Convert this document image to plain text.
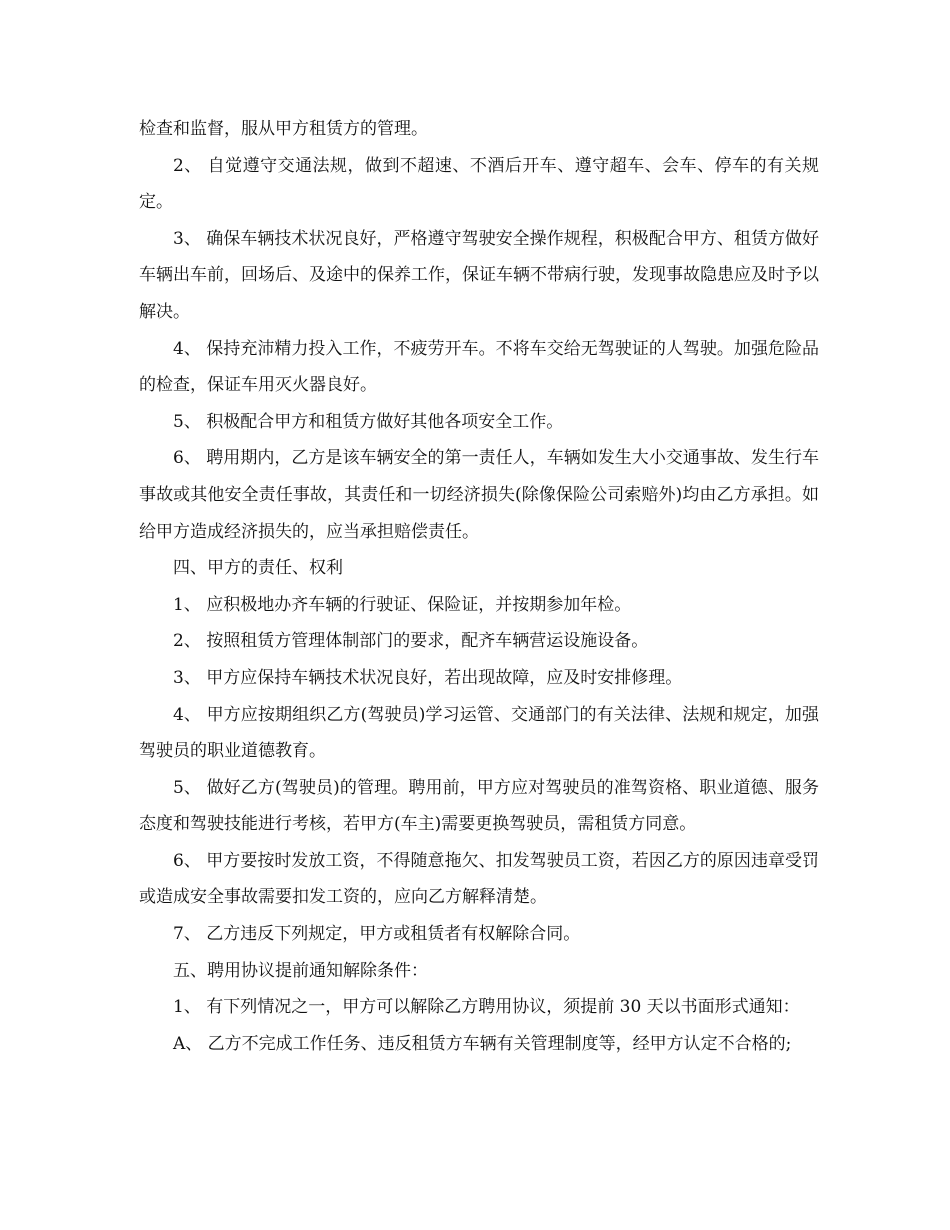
检查和监督，服从甲方租赁方的管理。

2、 自觉遵守交通法规，做到不超速、不酒后开车、遵守超车、会车、停车的有关规定。

3、 确保车辆技术状况良好，严格遵守驾驶安全操作规程，积极配合甲方、租赁方做好车辆出车前，回场后、及途中的保养工作，保证车辆不带病行驶，发现事故隐患应及时予以解决。

4、 保持充沛精力投入工作，不疲劳开车。不将车交给无驾驶证的人驾驶。加强危险品的检查，保证车用灭火器良好。

5、 积极配合甲方和租赁方做好其他各项安全工作。

6、 聘用期内，乙方是该车辆安全的第一责任人，车辆如发生大小交通事故、发生行车事故或其他安全责任事故，其责任和一切经济损失(除像保险公司索赔外)均由乙方承担。如给甲方造成经济损失的，应当承担赔偿责任。

四、甲方的责任、权利

1、 应积极地办齐车辆的行驶证、保险证，并按期参加年检。

2、 按照租赁方管理体制部门的要求，配齐车辆营运设施设备。

3、 甲方应保持车辆技术状况良好，若出现故障，应及时安排修理。

4、 甲方应按期组织乙方(驾驶员)学习运管、交通部门的有关法律、法规和规定，加强驾驶员的职业道德教育。

5、 做好乙方(驾驶员)的管理。聘用前，甲方应对驾驶员的准驾资格、职业道德、服务态度和驾驶技能进行考核，若甲方(车主)需要更换驾驶员，需租赁方同意。

6、 甲方要按时发放工资，不得随意拖欠、扣发驾驶员工资，若因乙方的原因违章受罚或造成安全事故需要扣发工资的，应向乙方解释清楚。

7、 乙方违反下列规定，甲方或租赁者有权解除合同。

五、聘用协议提前通知解除条件：

1、 有下列情况之一，甲方可以解除乙方聘用协议，须提前 30 天以书面形式通知：

A、 乙方不完成工作任务、违反租赁方车辆有关管理制度等，经甲方认定不合格的;
